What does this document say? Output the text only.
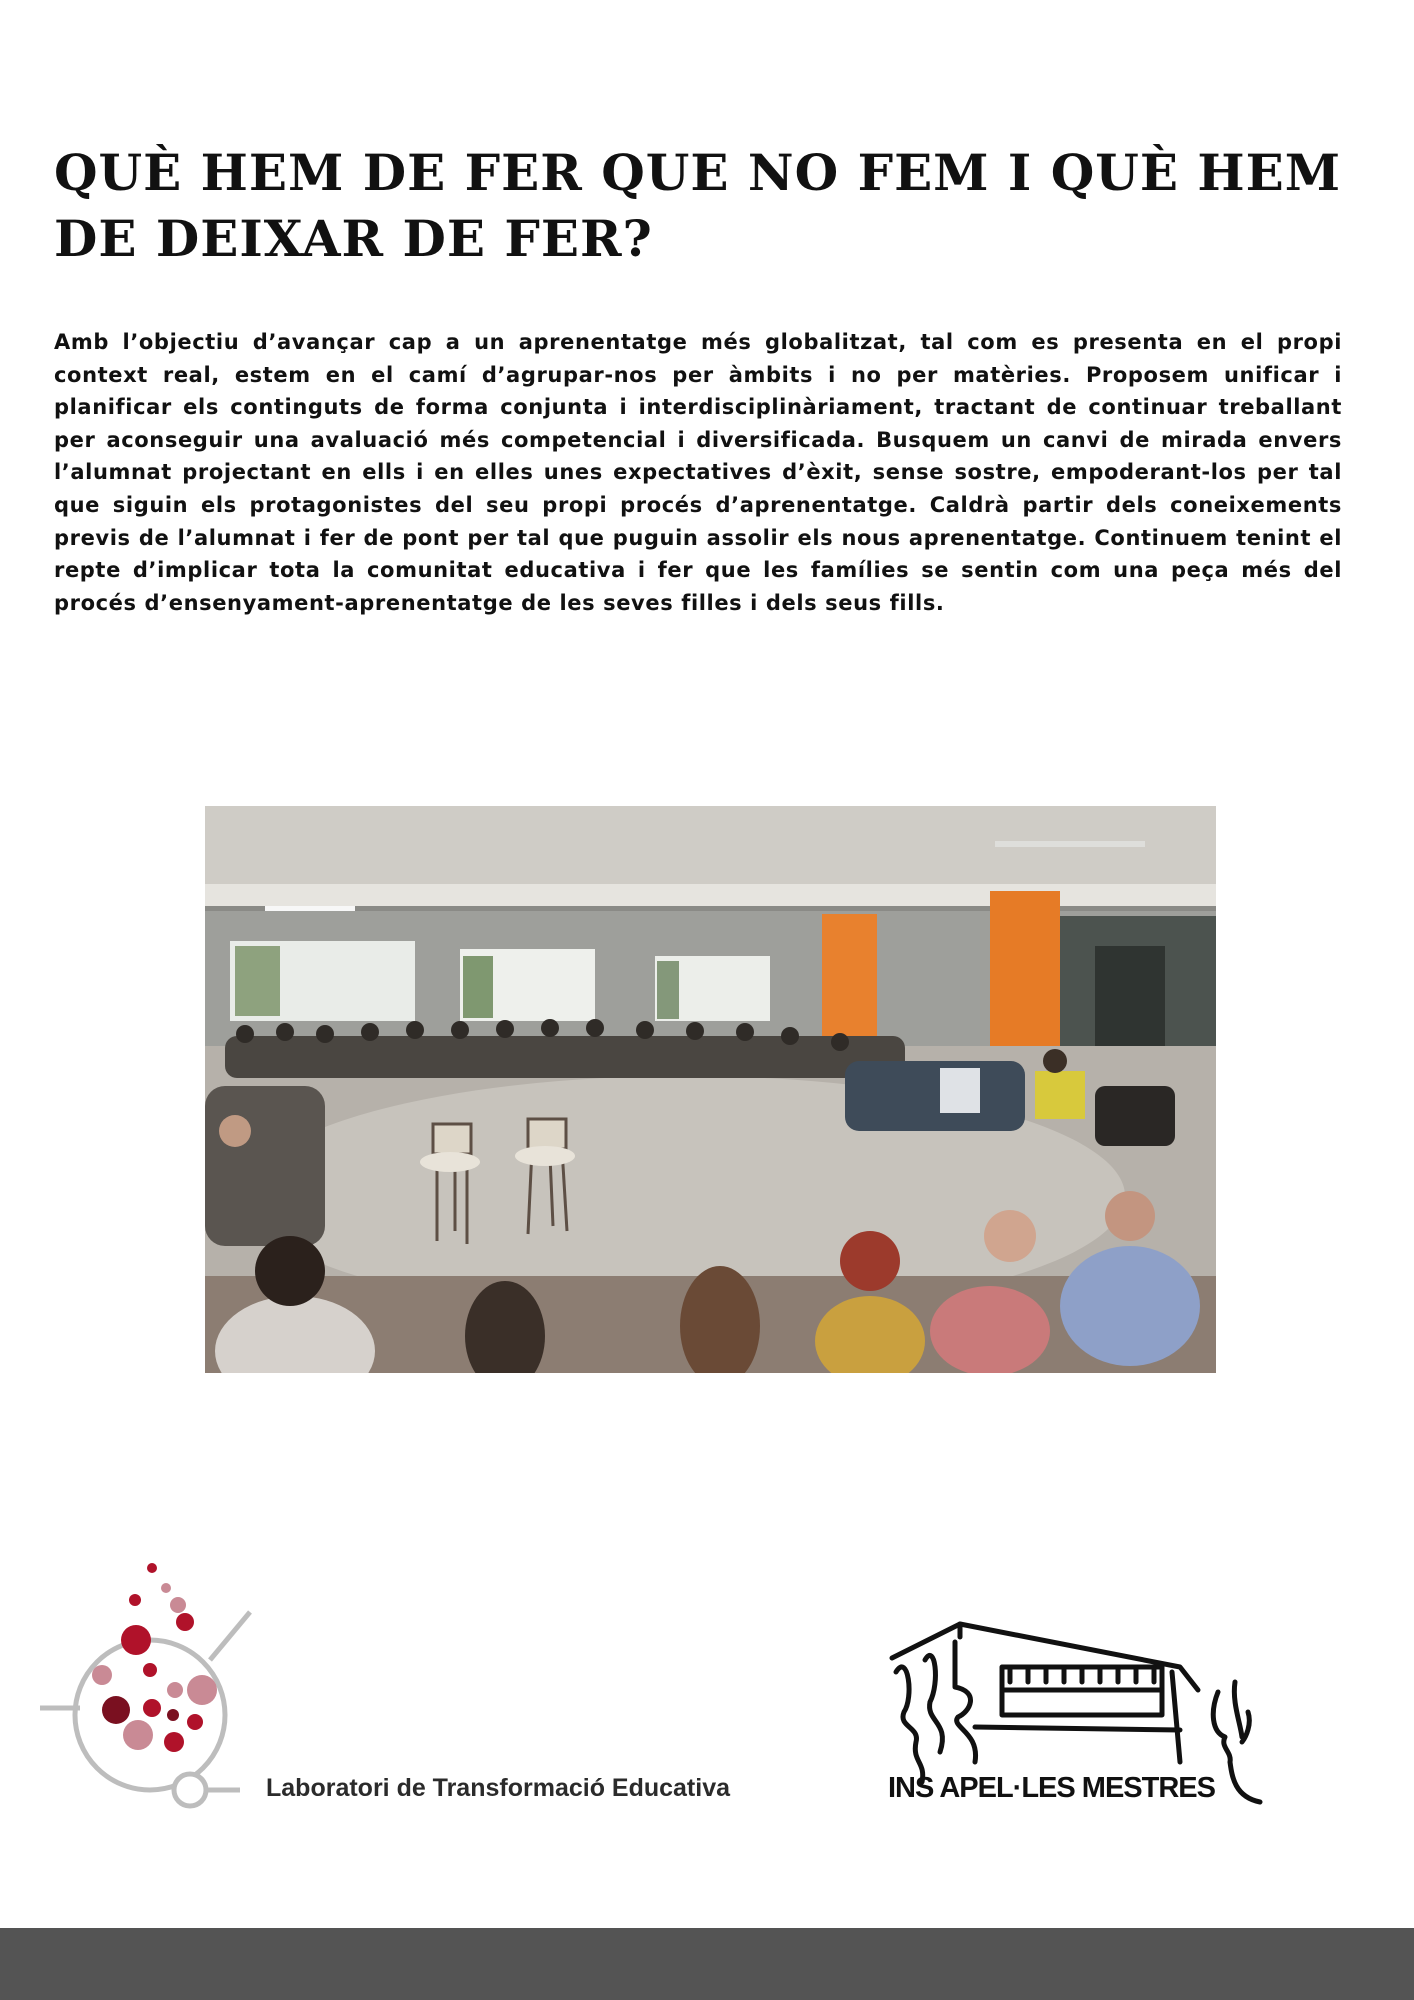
QUÈ HEM DE FER QUE NO FEM I QUÈ HEM DE DEIXAR DE FER?

Amb l’objectiu d’avançar cap a un aprenentatge més globalitzat, tal com es presenta en el propi context real, estem en el camí d’agrupar-nos per àmbits i no per matèries. Proposem unificar i planificar els continguts de forma conjunta i interdisciplinàriament, tractant de continuar treballant per aconseguir una avaluació més competencial i diversificada. Busquem un canvi de mirada envers l’alumnat projectant en ells i en elles unes expectatives d’èxit, sense sostre, empoderant-los per tal que siguin els protagonistes del seu propi procés d’aprenentatge. Caldrà partir dels coneixements previs de l’alumnat i fer de pont per tal que puguin assolir els nous aprenentatge. Continuem tenint el repte d’implicar tota la comunitat educativa i fer que les famílies se sentin com una peça més del procés d’ensenyament-aprenentatge de les seves filles i dels seus fills.

Laboratori de Transformació Educativa	INS APEL·LES MESTRES
